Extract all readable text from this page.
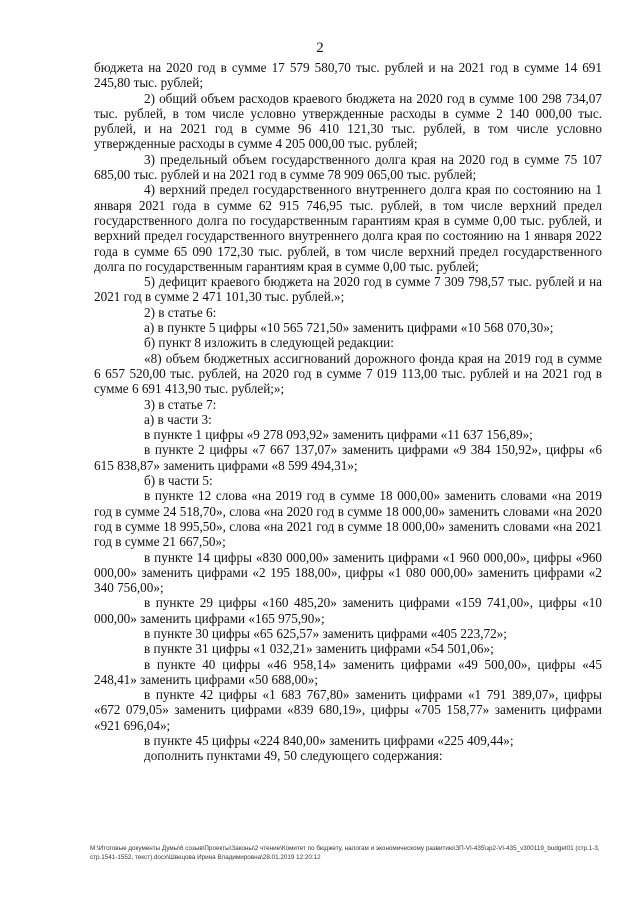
2

бюджета на 2020 год в сумме 17 579 580,70 тыс. рублей и на 2021 год в сумме 14 691 245,80 тыс. рублей;

2) общий объем расходов краевого бюджета на 2020 год в сумме 100 298 734,07 тыс. рублей, в том числе условно утвержденные расходы в сумме 2 140 000,00 тыс. рублей, и на 2021 год в сумме 96 410 121,30 тыс. рублей, в том числе условно утвержденные расходы в сумме 4 205 000,00 тыс. рублей;

3) предельный объем государственного долга края на 2020 год в сумме 75 107 685,00 тыс. рублей и на 2021 год в сумме 78 909 065,00 тыс. рублей;

4) верхний предел государственного внутреннего долга края по состоянию на 1 января 2021 года в сумме 62 915 746,95 тыс. рублей, в том числе верхний предел государственного долга по государственным гарантиям края в сумме 0,00 тыс. рублей, и верхний предел государственного внутреннего долга края по состоянию на 1 января 2022 года в сумме 65 090 172,30 тыс. рублей, в том числе верхний предел государственного долга по государственным гарантиям края в сумме 0,00 тыс. рублей;

5) дефицит краевого бюджета на 2020 год в сумме 7 309 798,57 тыс. рублей и на 2021 год в сумме 2 471 101,30 тыс. рублей.»;

2) в статье 6:

а) в пункте 5 цифры «10 565 721,50» заменить цифрами «10 568 070,30»;

б) пункт 8 изложить в следующей редакции:

«8) объем бюджетных ассигнований дорожного фонда края на 2019 год в сумме 6 657 520,00 тыс. рублей, на 2020 год в сумме 7 019 113,00 тыс. рублей и на 2021 год в сумме 6 691 413,90 тыс. рублей;»;

3) в статье 7:

а) в части 3:

в пункте 1 цифры «9 278 093,92» заменить цифрами «11 637 156,89»;

в пункте 2 цифры «7 667 137,07» заменить цифрами «9 384 150,92», цифры «6 615 838,87» заменить цифрами «8 599 494,31»;

б) в части 5:

в пункте 12 слова «на 2019 год в сумме 18 000,00» заменить словами «на 2019 год в сумме 24 518,70», слова «на 2020 год в сумме 18 000,00» заменить словами «на 2020 год в сумме 18 995,50», слова «на 2021 год в сумме 18 000,00» заменить словами «на 2021 год в сумме 21 667,50»;

в пункте 14 цифры «830 000,00» заменить цифрами «1 960 000,00», цифры «960 000,00» заменить цифрами «2 195 188,00», цифры «1 080 000,00» заменить цифрами «2 340 756,00»;

в пункте 29 цифры «160 485,20» заменить цифрами «159 741,00», цифры «10 000,00» заменить цифрами «165 975,90»;

в пункте 30 цифры «65 625,57» заменить цифрами «405 223,72»;

в пункте 31 цифры «1 032,21» заменить цифрами «54 501,06»;

в пункте 40 цифры «46 958,14» заменить цифрами «49 500,00», цифры «45 248,41» заменить цифрами «50 688,00»;

в пункте 42 цифры «1 683 767,80» заменить цифрами «1 791 389,07», цифры «672 079,05» заменить цифрами «839 680,19», цифры «705 158,77» заменить цифрами «921 696,04»;

в пункте 45 цифры «224 840,00» заменить цифрами «225 409,44»;

дополнить пунктами 49, 50 следующего содержания:

M:\Итоговые документы Думы\6 созыв\Проекты\Законы\2 чтение\Комитет по бюджету, налогам и экономическому развитию\ЗП-VI-435\зр2-VI-435_v300119_budget01 (стр.1-3, стр.1541-1552, текст).docx\Швецова Ирина Владимировна\28.01.2019 12:20:12
